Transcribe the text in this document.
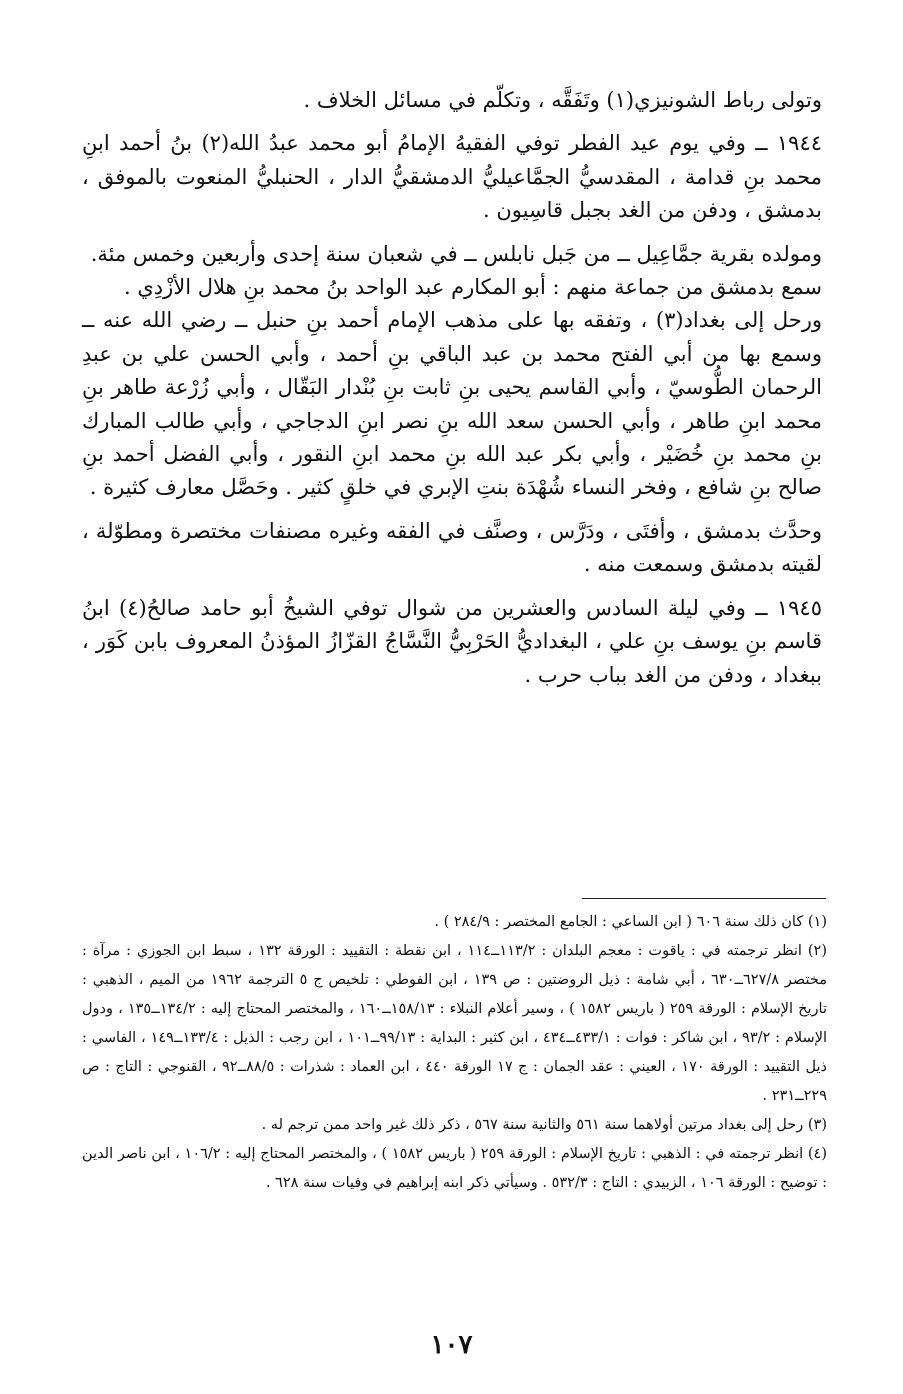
وتولى رباط الشونيزي(١) وتَفَقَّه ، وتكلّم في مسائل الخلاف .

١٩٤٤ ــ وفي يوم عيد الفطر توفي الفقيهُ الإمامُ أبو محمد عبدُ الله(٢) بنُ أحمد ابنِ محمد بنِ قدامة ، المقدسيُّ الجمَّاعيليُّ الدمشقيُّ الدار ، الحنبليُّ المنعوت بالموفق ، بدمشق ، ودفن من الغد بجبل قاسِيون .

ومولده بقرية جمَّاعِيل ــ من جَبل نابلس ــ في شعبان سنة إحدى وأربعين وخمس مئة.

سمع بدمشق من جماعة منهم : أبو المكارم عبد الواحد بنُ محمد بنِ هلال الأزْدِي .

ورحل إلى بغداد(٣) ، وتفقه بها على مذهب الإمام أحمد بنِ حنبل ــ رضي الله عنه ــ وسمع بها من أبي الفتح محمد بن عبد الباقي بنِ أحمد ، وأبي الحسن علي بن عبدِ الرحمان الطُّوسيّ ، وأبي القاسم يحيى بنِ ثابت بنِ بُنْدار البَقّال ، وأبي زُرْعة طاهر بنِ محمد ابنِ طاهر ، وأبي الحسن سعد الله بنِ نصر ابنِ الدجاجي ، وأبي طالب المبارك بنِ محمد بنِ خُضَيْر ، وأبي بكر عبد الله بنِ محمد ابنِ النقور ، وأبي الفضل أحمد بنِ صالح بنِ شافع ، وفخر النساء شُهْدَة بنتِ الإبري في خلقٍ كثير . وحَصَّل معارف كثيرة .

وحدَّث بدمشق ، وأفتَى ، ودَرَّس ، وصنَّف في الفقه وغيره مصنفات مختصرة ومطوّلة ، لقيته بدمشق وسمعت منه .

١٩٤٥ ــ وفي ليلة السادس والعشرين من شوال توفي الشيخُ أبو حامد صالحُ(٤) ابنُ قاسم بنِ يوسف بنِ علي ، البغداديُّ الحَرْبِيُّ النَّسَّاجُ القزّازُ المؤذنُ المعروف بابن كَوَر ، ببغداد ، ودفن من الغد بباب حرب .

(١) كان ذلك سنة ٦٠٦ ( ابن الساعي : الجامع المختصر : ٢٨٤/٩ ) .

(٢) انظر ترجمته في : ياقوت : معجم البلدان : ١١٣/٢ــ١١٤ ، ابن نقطة : التقييد : الورقة ١٣٢ ، سبط ابن الجوزي : مرآة : مختصر ٦٢٧/٨ــ٦٣٠ ، أبي شامة : ذيل الروضتين : ص ١٣٩ ، ابن الفوطي : تلخيص ج ٥ الترجمة ١٩٦٢ من الميم ، الذهبي : تاريخ الإسلام : الورقة ٢٥٩ ( باريس ١٥٨٢ ) ، وسير أعلام النبلاء : ١٥٨/١٣ــ١٦٠ ، والمختصر المحتاج إليه : ١٣٤/٢ــ١٣٥ ، ودول الإسلام : ٩٣/٢ ، ابن شاكر : فوات : ٤٣٣/١ــ٤٣٤ ، ابن كثير : البداية : ٩٩/١٣ــ١٠١ ، ابن رجب : الذيل : ١٣٣/٤ــ١٤٩ ، الفاسي : ذيل التقييد : الورقة ١٧٠ ، العيني : عقد الجمان : ج ١٧ الورقة ٤٤٠ ، ابن العماد : شذرات : ٨٨/٥ــ٩٢ ، القنوجي : التاج : ص ٢٢٩ــ٢٣١ .

(٣) رحل إلى بغداد مرتين أولاهما سنة ٥٦١ والثانية سنة ٥٦٧ ، ذكر ذلك غير واحد ممن ترجم له .

(٤) انظر ترجمته في : الذهبي : تاريخ الإسلام : الورقة ٢٥٩ ( باريس ١٥٨٢ ) ، والمختصر المحتاج إليه : ١٠٦/٢ ، ابن ناصر الدين : توضيح : الورقة ١٠٦ ، الزبيدي : التاج : ٥٣٢/٣ . وسيأتي ذكر ابنه إبراهيم في وفيات سنة ٦٢٨ .

١٠٧
